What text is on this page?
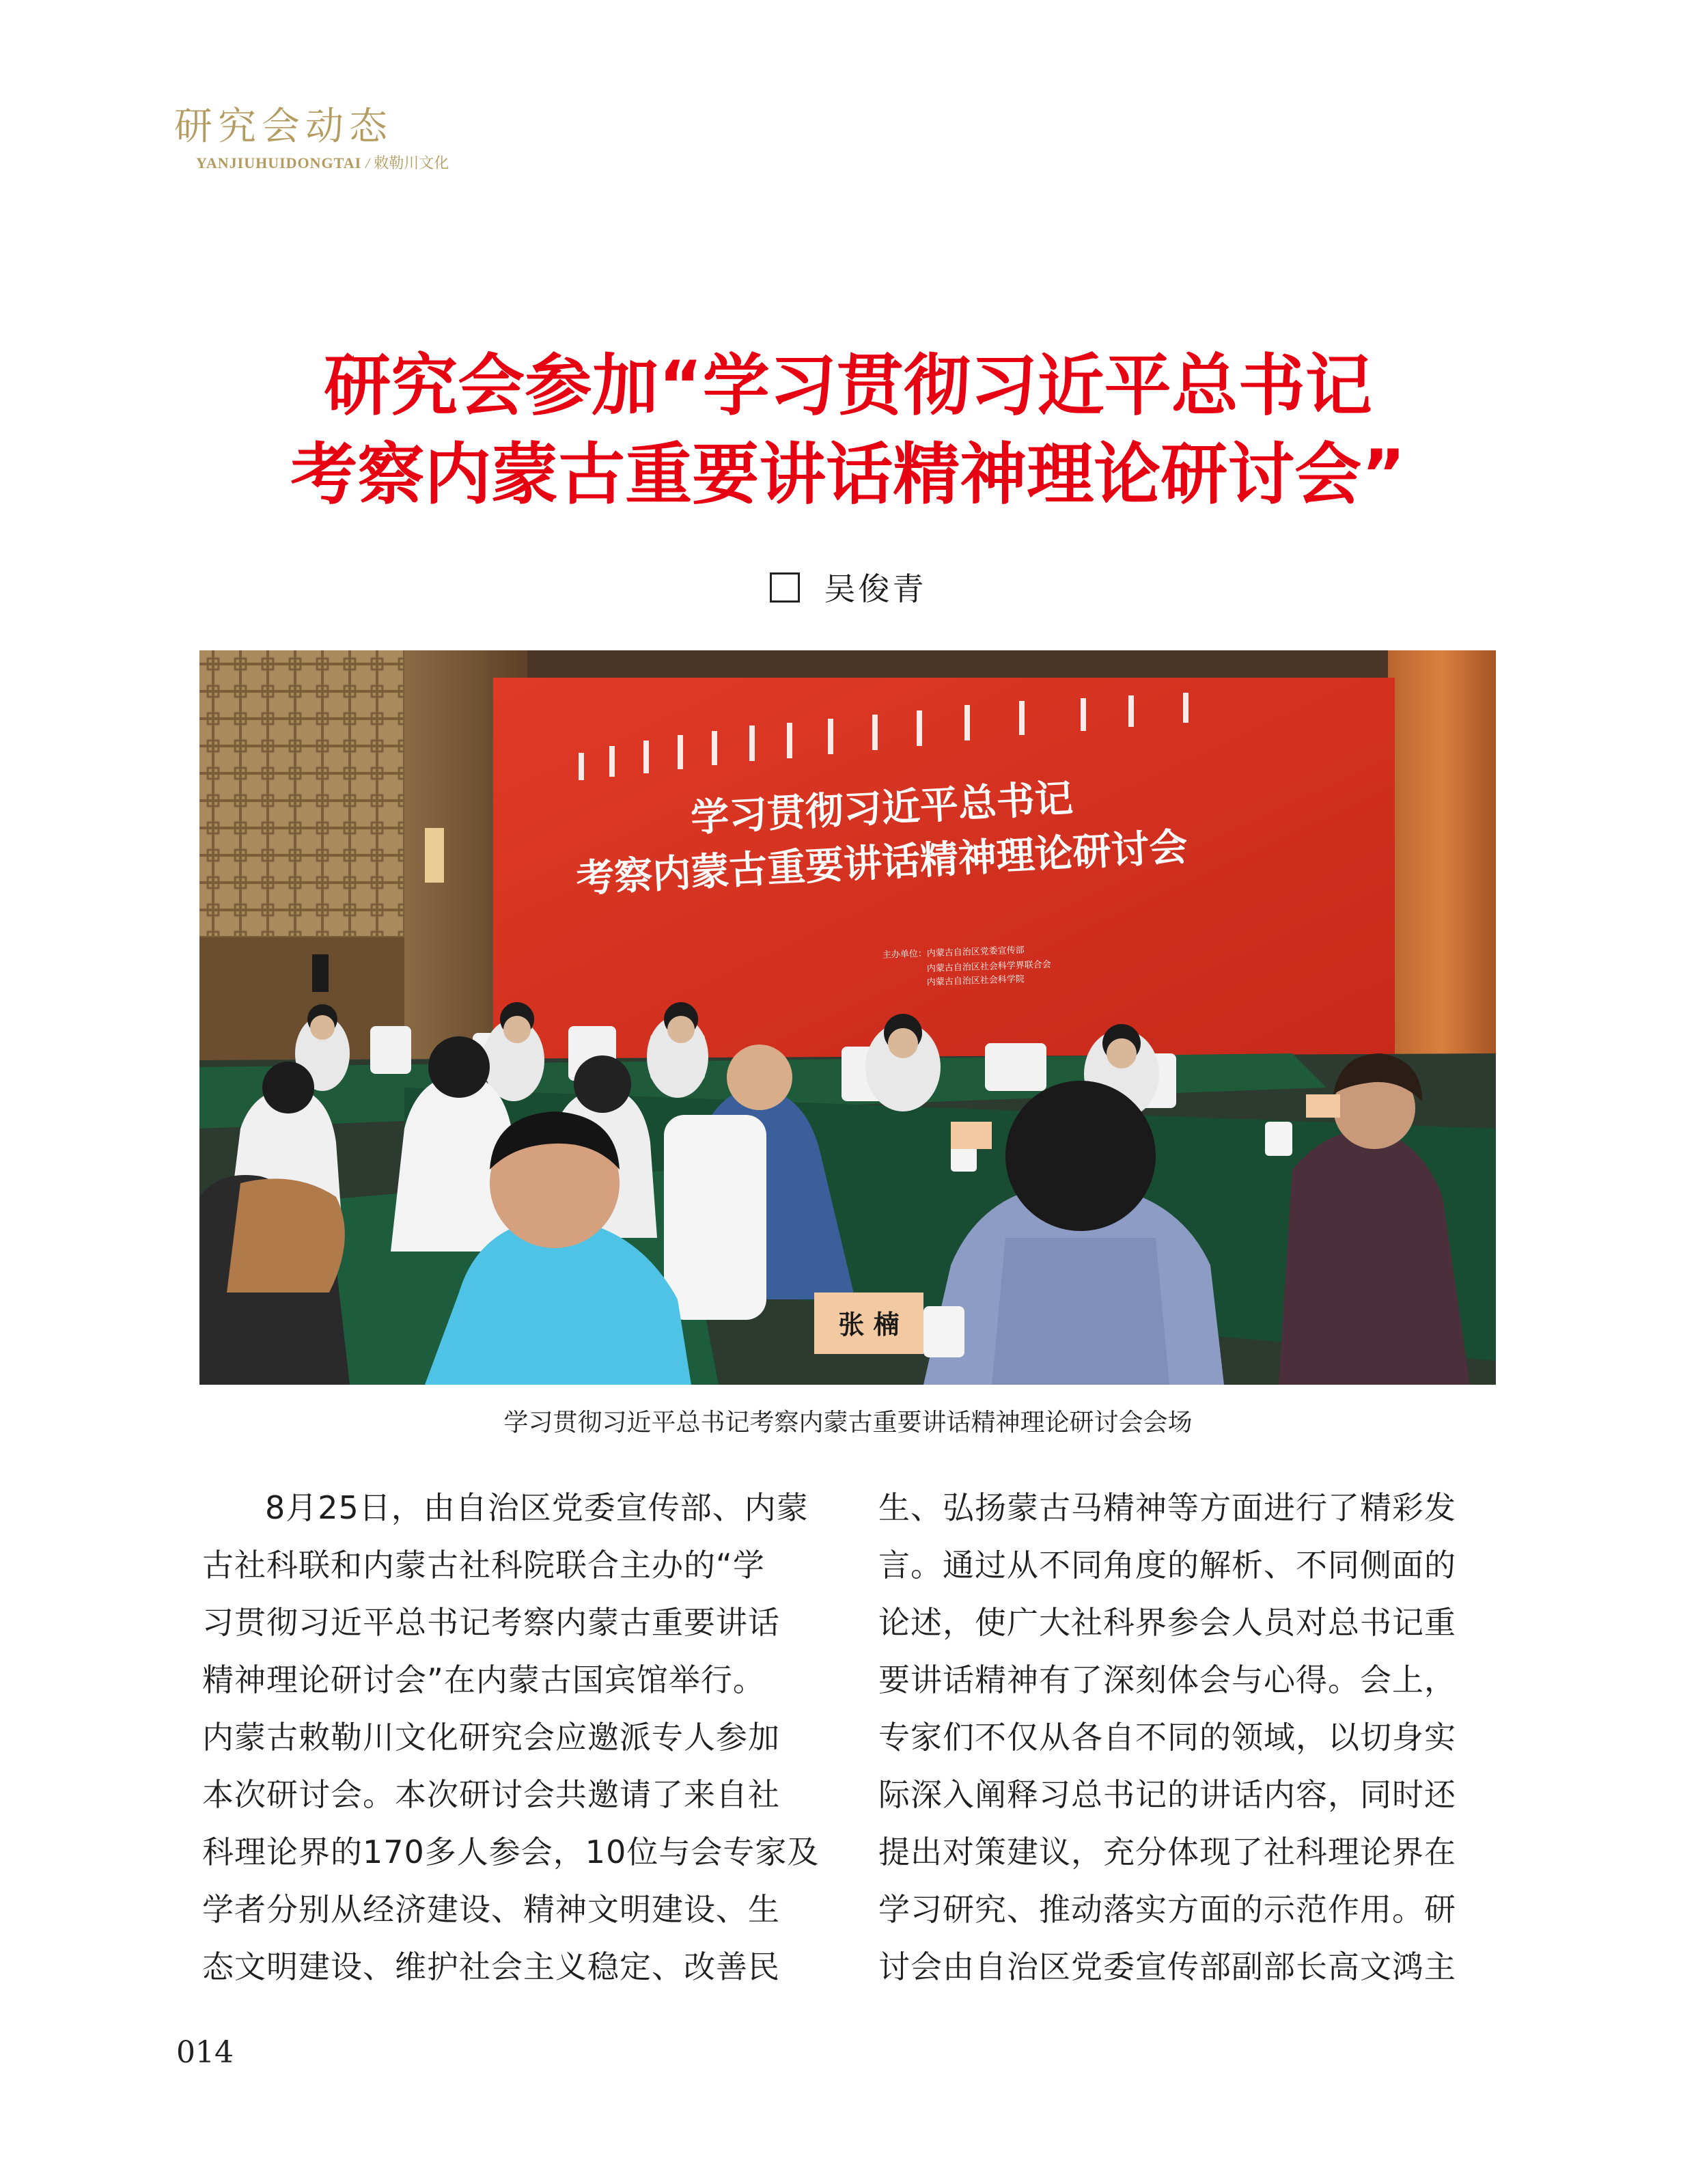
研究会动态
YANJIUHUIDONGTAI / 敕勒川文化
研究会参加“学习贯彻习近平总书记
考察内蒙古重要讲话精神理论研讨会”
吴俊青
学习贯彻习近平总书记
考察内蒙古重要讲话精神理论研讨会
主办单位：内蒙古自治区党委宣传部
内蒙古自治区社会科学界联合会
内蒙古自治区社会科学院
张 楠
学习贯彻习近平总书记考察内蒙古重要讲话精神理论研讨会会场
8月25日，由自治区党委宣传部、内蒙
古社科联和内蒙古社科院联合主办的“学
习贯彻习近平总书记考察内蒙古重要讲话
精神理论研讨会”在内蒙古国宾馆举行。
内蒙古敕勒川文化研究会应邀派专人参加
本次研讨会。本次研讨会共邀请了来自社
科理论界的170多人参会，10位与会专家及
学者分别从经济建设、精神文明建设、生
态文明建设、维护社会主义稳定、改善民
生、弘扬蒙古马精神等方面进行了精彩发
言。通过从不同角度的解析、不同侧面的
论述，使广大社科界参会人员对总书记重
要讲话精神有了深刻体会与心得。会上，
专家们不仅从各自不同的领域，以切身实
际深入阐释习总书记的讲话内容，同时还
提出对策建议，充分体现了社科理论界在
学习研究、推动落实方面的示范作用。研
讨会由自治区党委宣传部副部长高文鸿主
014
